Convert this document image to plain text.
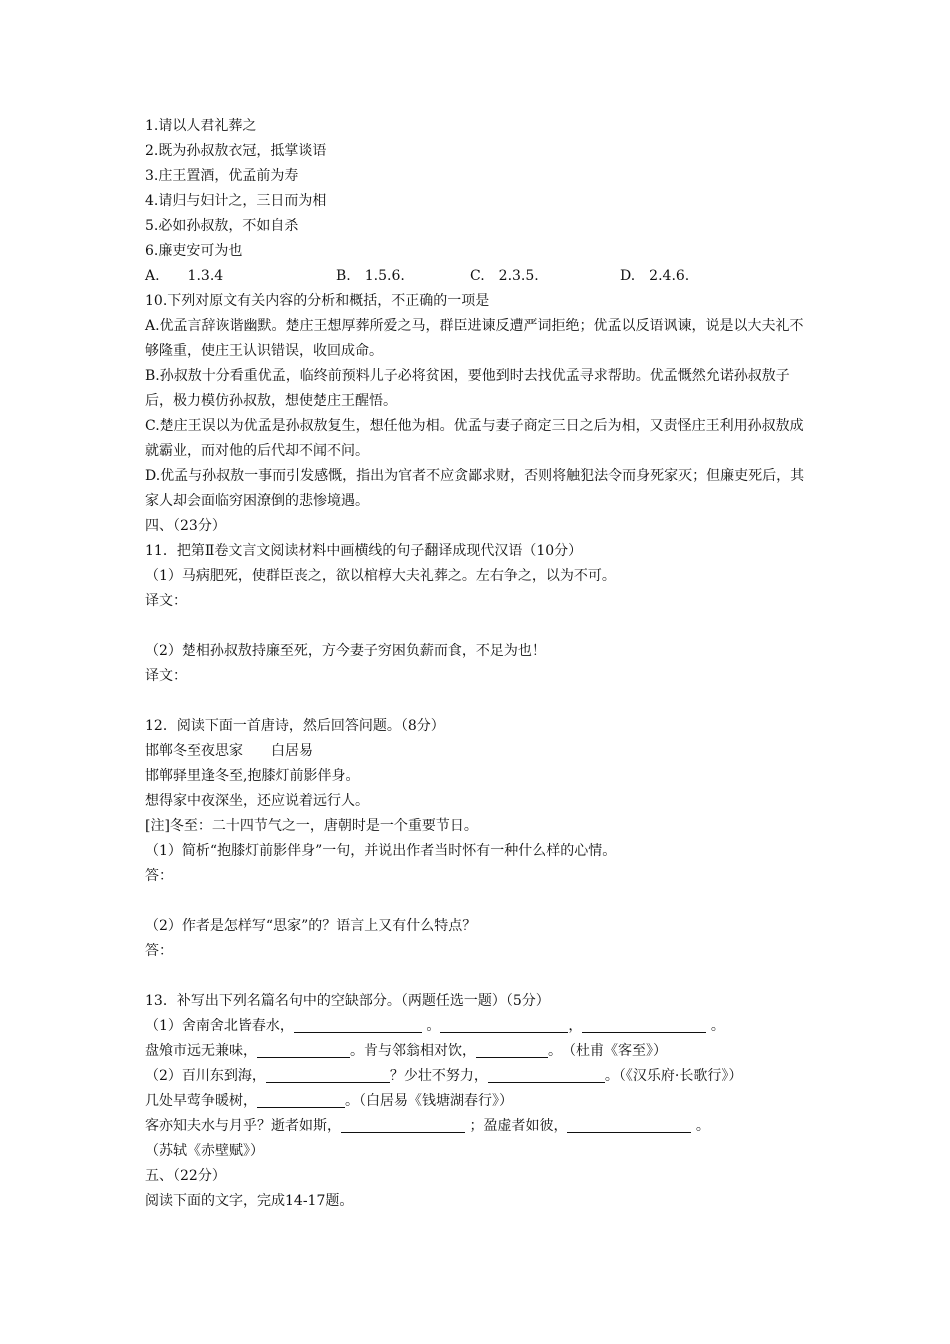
1.请以人君礼葬之
2.既为孙叔敖衣冠，抵掌谈语
3.庄王置酒，优孟前为寿
4.请归与妇计之，三日而为相
5.必如孙叔敖，不如自杀
6.廉吏安可为也
A.　　1.3.4	B.　1.5.6.	C.　2.3.5.	D.　2.4.6.
10.下列对原文有关内容的分析和概括，不正确的一项是
A.优孟言辞诙谐幽默。楚庄王想厚葬所爱之马，群臣进谏反遭严词拒绝；优孟以反语讽谏，说是以大夫礼不够隆重，使庄王认识错误，收回成命。
B.孙叔敖十分看重优孟，临终前预料儿子必将贫困，要他到时去找优孟寻求帮助。优孟慨然允诺孙叔敖子后，极力模仿孙叔敖，想使楚庄王醒悟。
C.楚庄王误以为优孟是孙叔敖复生，想任他为相。优孟与妻子商定三日之后为相，又责怪庄王利用孙叔敖成就霸业，而对他的后代却不闻不问。
D.优孟与孙叔敖一事而引发感慨，指出为官者不应贪鄙求财，否则将触犯法令而身死家灭；但廉吏死后，其家人却会面临穷困潦倒的悲惨境遇。
四、（23分）
11．把第Ⅱ卷文言文阅读材料中画横线的句子翻译成现代汉语（10分）
（1）马病肥死，使群臣丧之，欲以棺椁大夫礼葬之。左右争之，以为不可。
译文：
（2）楚相孙叔敖持廉至死，方今妻子穷困负薪而食，不足为也！
译文：
12．阅读下面一首唐诗，然后回答问题。（8分）
邯郸冬至夜思家　　白居易
邯郸驿里逢冬至,抱膝灯前影伴身。
想得家中夜深坐，还应说着远行人。
[注]冬至：二十四节气之一，唐朝时是一个重要节日。
（1）简析“抱膝灯前影伴身”一句，并说出作者当时怀有一种什么样的心情。
答：
（2）作者是怎样写“思家”的？语言上又有什么特点？
答：
13．补写出下列名篇名句中的空缺部分。（两题任选一题）（5分）
（1）舍南舍北皆春水，	。	，	。
盘飧市远无兼味，	。肯与邻翁相对饮，	。　（杜甫《客至》）
（2）百川东到海，	？少壮不努力，	。（《汉乐府·长歌行》）
几处早莺争暖树，	。（白居易《钱塘湖春行》）
客亦知夫水与月乎？逝者如斯，	；盈虚者如彼，	。
（苏轼《赤壁赋》）
五、（22分）
阅读下面的文字，完成14-17题。
